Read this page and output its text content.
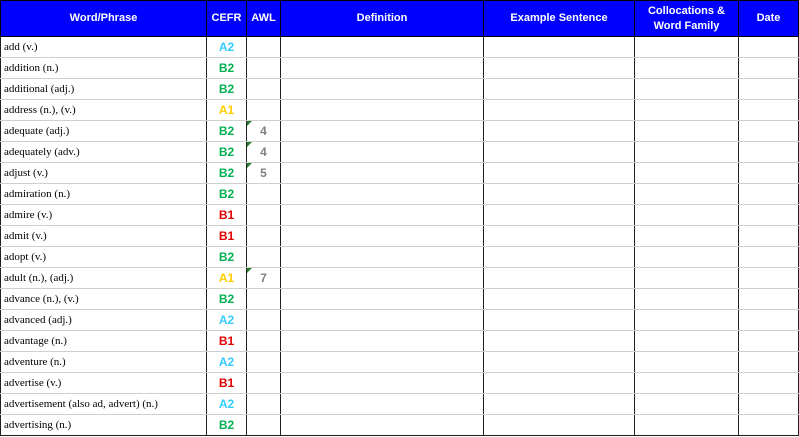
Word/Phrase	CEFR	AWL	Definition	Example Sentence	Collocations & Word Family	Date
add (v.)	A2					
addition (n.)	B2					
additional (adj.)	B2					
address (n.), (v.)	A1					
adequate (adj.)	B2	4				
adequately (adv.)	B2	4				
adjust (v.)	B2	5				
admiration (n.)	B2					
admire (v.)	B1					
admit (v.)	B1					
adopt (v.)	B2					
adult (n.), (adj.)	A1	7				
advance (n.), (v.)	B2					
advanced (adj.)	A2					
advantage (n.)	B1					
adventure (n.)	A2					
advertise (v.)	B1					
advertisement (also ad, advert) (n.)	A2					
advertising (n.)	B2					
